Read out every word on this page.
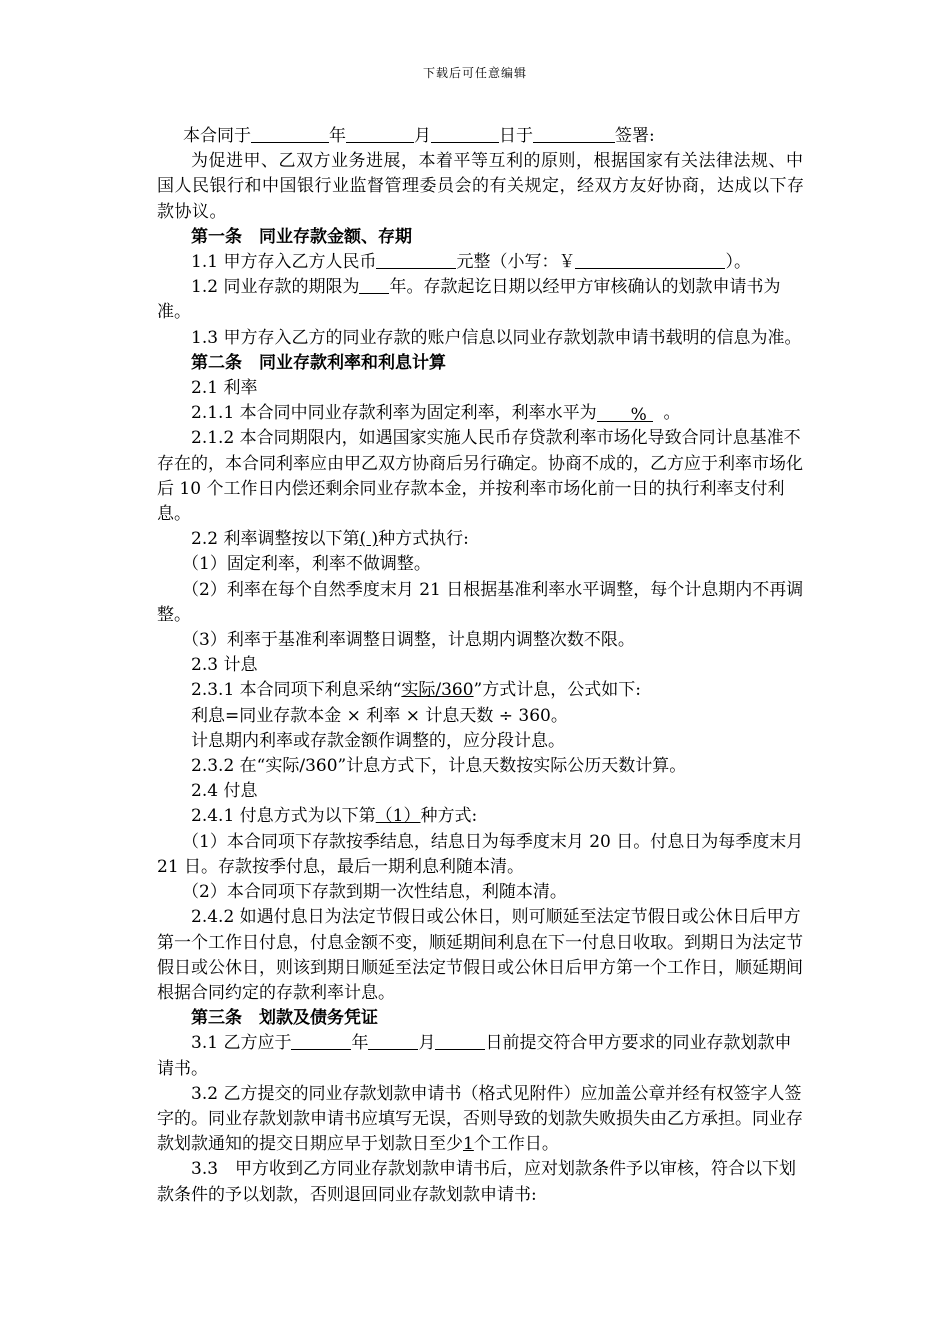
下载后可任意编辑

本合同于	年	月	日于	签署:

为促进甲、乙双方业务进展，本着平等互利的原则，根据国家有关法律法规、中国人民银行和中国银行业监督管理委员会的有关规定，经双方友好协商，达成以下存款协议。

第一条　同业存款金额、存期

1.1 甲方存入乙方人民币	元整（小写：￥	）。

1.2 同业存款的期限为 年。存款起讫日期以经甲方审核确认的划款申请书为准。

1.3 甲方存入乙方的同业存款的账户信息以同业存款划款申请书载明的信息为准。

第二条　同业存款利率和利息计算

2.1 利率

2.1.1 本合同中同业存款利率为固定利率，利率水平为 % 。

2.1.2 本合同期限内，如遇国家实施人民币存贷款利率市场化导致合同计息基准不存在的，本合同利率应由甲乙双方协商后另行确定。协商不成的，乙方应于利率市场化后 10 个工作日内偿还剩余同业存款本金，并按利率市场化前一日的执行利率支付利息。

2.2 利率调整按以下第( )种方式执行:

（1）固定利率，利率不做调整。

（2）利率在每个自然季度末月 21 日根据基准利率水平调整，每个计息期内不再调整。

（3）利率于基准利率调整日调整，计息期内调整次数不限。

2.3 计息

2.3.1 本合同项下利息采纳“实际/360”方式计息，公式如下:

利息=同业存款本金 × 利率 × 计息天数 ÷ 360。

计息期内利率或存款金额作调整的，应分段计息。

2.3.2 在“实际/360”计息方式下，计息天数按实际公历天数计算。

2.4 付息

2.4.1 付息方式为以下第（1）种方式:

（1）本合同项下存款按季结息，结息日为每季度末月 20 日。付息日为每季度末月 21 日。存款按季付息，最后一期利息利随本清。

（2）本合同项下存款到期一次性结息，利随本清。

2.4.2 如遇付息日为法定节假日或公休日，则可顺延至法定节假日或公休日后甲方第一个工作日付息，付息金额不变，顺延期间利息在下一付息日收取。到期日为法定节假日或公休日，则该到期日顺延至法定节假日或公休日后甲方第一个工作日，顺延期间根据合同约定的存款利率计息。

第三条　划款及债务凭证

3.1 乙方应于	年	月	日前提交符合甲方要求的同业存款划款申请书。

3.2 乙方提交的同业存款划款申请书（格式见附件）应加盖公章并经有权签字人签字的。同业存款划款申请书应填写无误，否则导致的划款失败损失由乙方承担。同业存款划款通知的提交日期应早于划款日至少1个工作日。

3.3　甲方收到乙方同业存款划款申请书后，应对划款条件予以审核，符合以下划款条件的予以划款，否则退回同业存款划款申请书:
